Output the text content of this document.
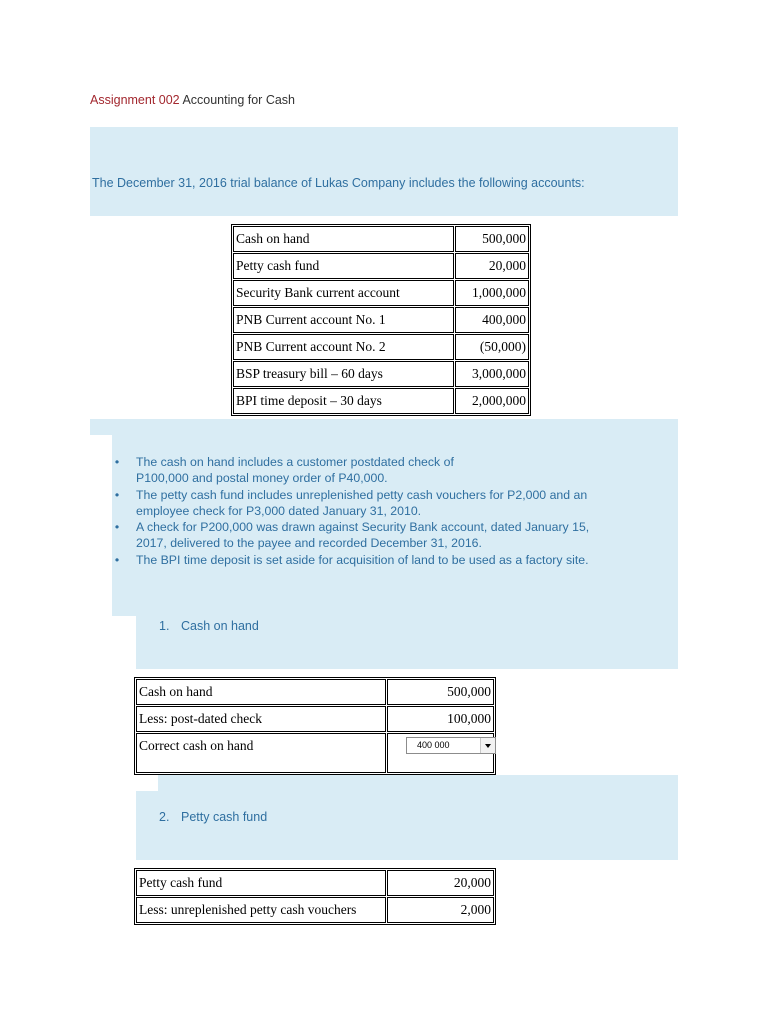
Assignment 002 Accounting for Cash
The December 31, 2016 trial balance of Lukas Company includes the following accounts:
Cash on hand	500,000
Petty cash fund	20,000
Security Bank current account	1,000,000
PNB Current account No. 1	400,000
PNB Current account No. 2	(50,000)
BSP treasury bill – 60 days	3,000,000
BPI time deposit – 30 days	2,000,000
• The cash on hand includes a customer postdated check of
P100,000 and postal money order of P40,000.
• The petty cash fund includes unreplenished petty cash vouchers for P2,000 and an
employee check for P3,000 dated January 31, 2010.
• A check for P200,000 was drawn against Security Bank account, dated January 15,
2017, delivered to the payee and recorded December 31, 2016.
• The BPI time deposit is set aside for acquisition of land to be used as a factory site.
1. Cash on hand
Cash on hand	500,000
Less: post-dated check	100,000
Correct cash on hand		400 000
2. Petty cash fund
Petty cash fund	20,000
Less: unreplenished petty cash vouchers	2,000
